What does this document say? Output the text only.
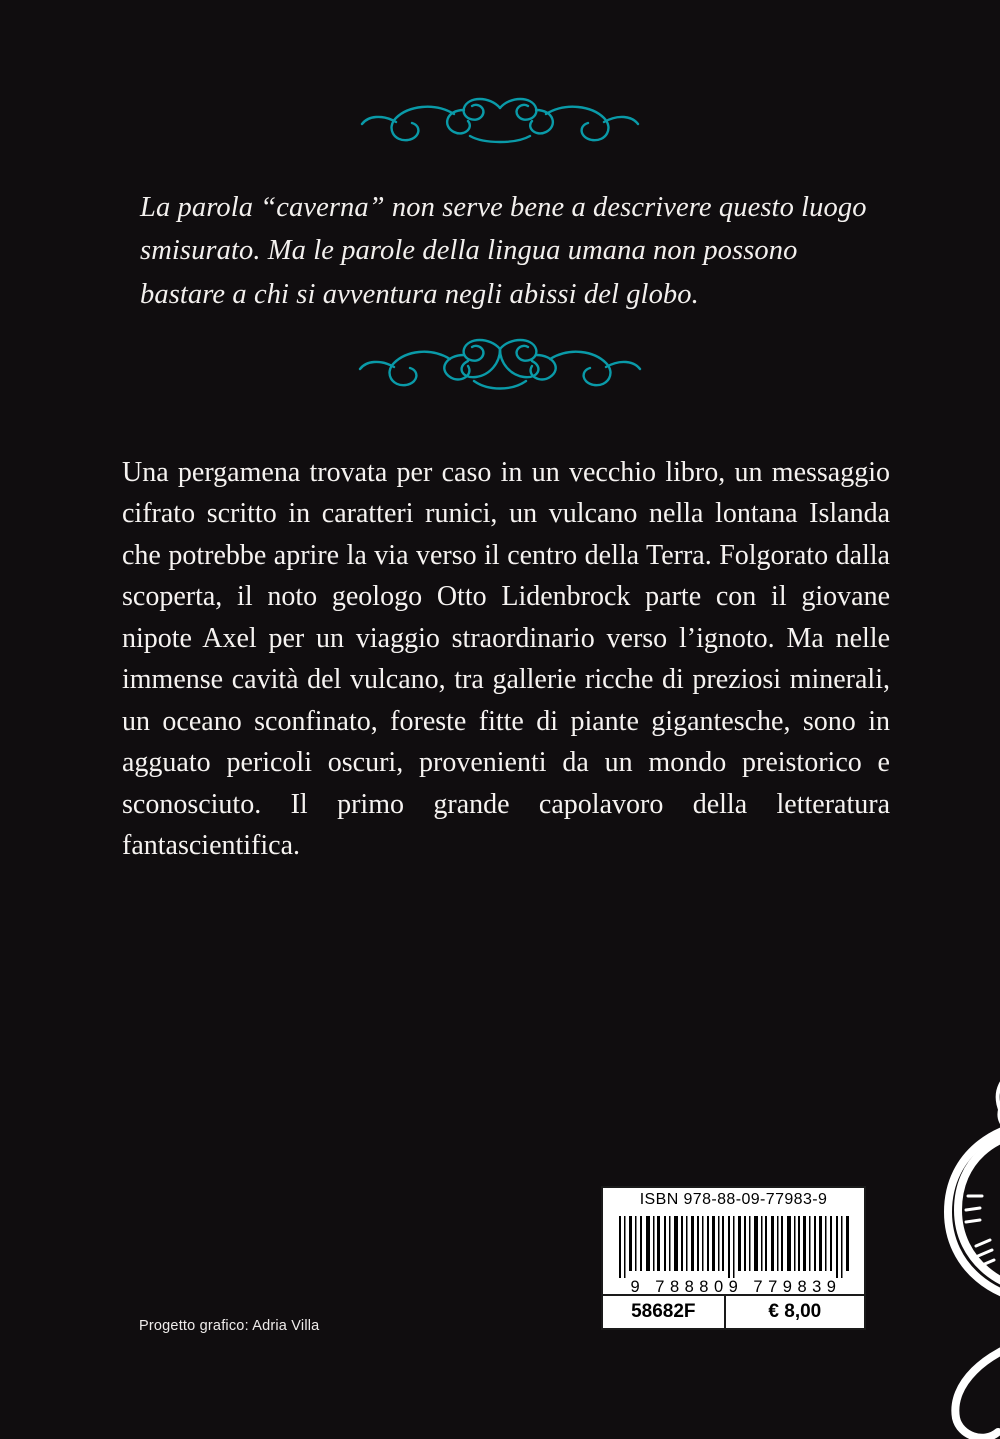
La parola “caverna” non serve bene a descrivere questo luogo smisurato. Ma le parole della lingua umana non possono bastare a chi si avventura negli abissi del globo.
Una pergamena trovata per caso in un vecchio libro, un messaggio cifrato scritto in caratteri runici, un vulcano nella lontana Islanda che potrebbe aprire la via verso il centro della Terra. Folgorato dalla scoperta, il noto geologo Otto Lidenbrock parte con il giovane nipote Axel per un viaggio straordinario verso l’ignoto. Ma nelle immense cavità del vulcano, tra gallerie ricche di preziosi minerali, un oceano sconfinato, foreste fitte di piante gigantesche, sono in agguato pericoli oscuri, provenienti da un mondo preistorico e sconosciuto. Il primo grande capolavoro della letteratura fantascientifica.
ISBN 978-88-09-77983-9
9 788809 779839
58682F	€ 8,00
Progetto grafico: Adria Villa
